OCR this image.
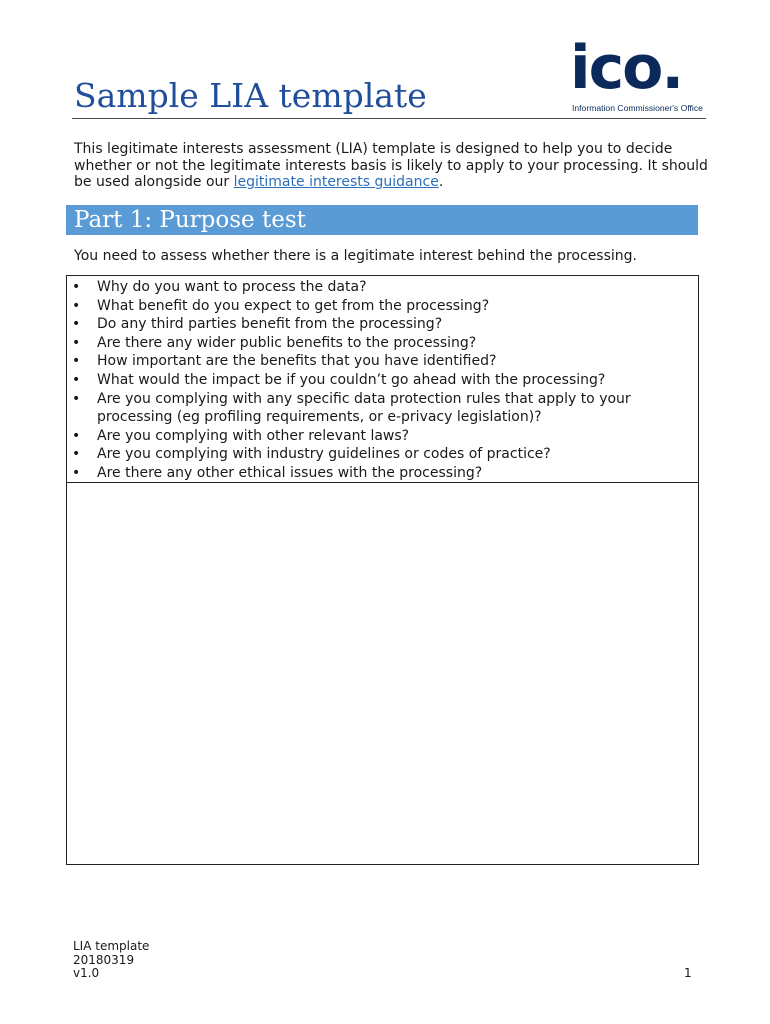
Sample LIA template ico.
Information Commissioner's Office

This legitimate interests assessment (LIA) template is designed to help you to decide whether or not the legitimate interests basis is likely to apply to your processing. It should be used alongside our legitimate interests guidance.

Part 1: Purpose test

You need to assess whether there is a legitimate interest behind the processing.

• Why do you want to process the data?
• What benefit do you expect to get from the processing?
• Do any third parties benefit from the processing?
• Are there any wider public benefits to the processing?
• How important are the benefits that you have identified?
• What would the impact be if you couldn’t go ahead with the processing?
• Are you complying with any specific data protection rules that apply to your processing (eg profiling requirements, or e-privacy legislation)?
• Are you complying with other relevant laws?
• Are you complying with industry guidelines or codes of practice?
• Are there any other ethical issues with the processing?
LIA template
20180319
v1.0	1
